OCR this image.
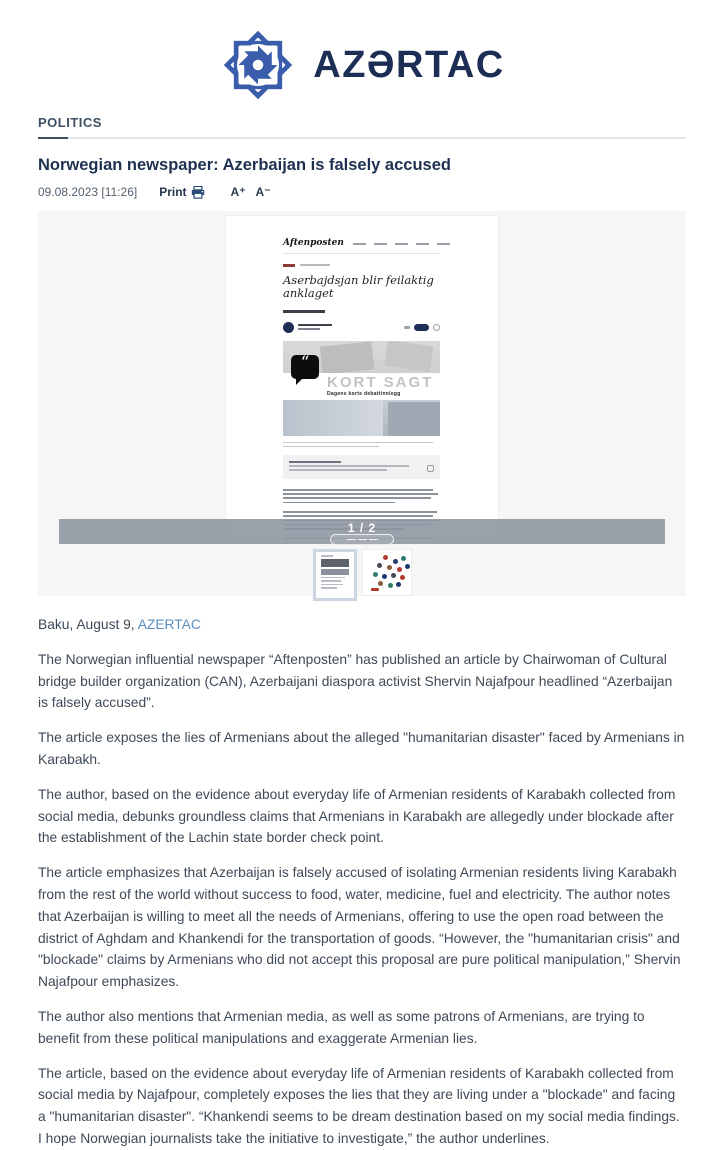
AZƏRTAC
POLITICS
Norwegian newspaper: Azerbaijan is falsely accused
09.08.2023 [11:26] Print	A⁺ A⁻
Aftenposten
Aserbajdsjan blir feilaktig anklaget
“
KORT SAGT
Dagens korte debattinnlegg
1 / 2

Baku, August 9, AZERTAC

The Norwegian influential newspaper “Aftenposten” has published an article by Chairwoman of Cultural bridge builder organization (CAN), Azerbaijani diaspora activist Shervin Najafpour headlined “Azerbaijan is falsely accused”.

The article exposes the lies of Armenians about the alleged "humanitarian disaster" faced by Armenians in Karabakh.

The author, based on the evidence about everyday life of Armenian residents of Karabakh collected from social media, debunks groundless claims that Armenians in Karabakh are allegedly under blockade after the establishment of the Lachin state border check point.

The article emphasizes that Azerbaijan is falsely accused of isolating Armenian residents living Karabakh from the rest of the world without success to food, water, medicine, fuel and electricity. The author notes that Azerbaijan is willing to meet all the needs of Armenians, offering to use the open road between the district of Aghdam and Khankendi for the transportation of goods. “However, the "humanitarian crisis" and "blockade" claims by Armenians who did not accept this proposal are pure political manipulation,” Shervin Najafpour emphasizes.

The author also mentions that Armenian media, as well as some patrons of Armenians, are trying to benefit from these political manipulations and exaggerate Armenian lies.

The article, based on the evidence about everyday life of Armenian residents of Karabakh collected from social media by Najafpour, completely exposes the lies that they are living under a "blockade" and facing a "humanitarian disaster". “Khankendi seems to be dream destination based on my social media findings. I hope Norwegian journalists take the initiative to investigate,” the author underlines.
